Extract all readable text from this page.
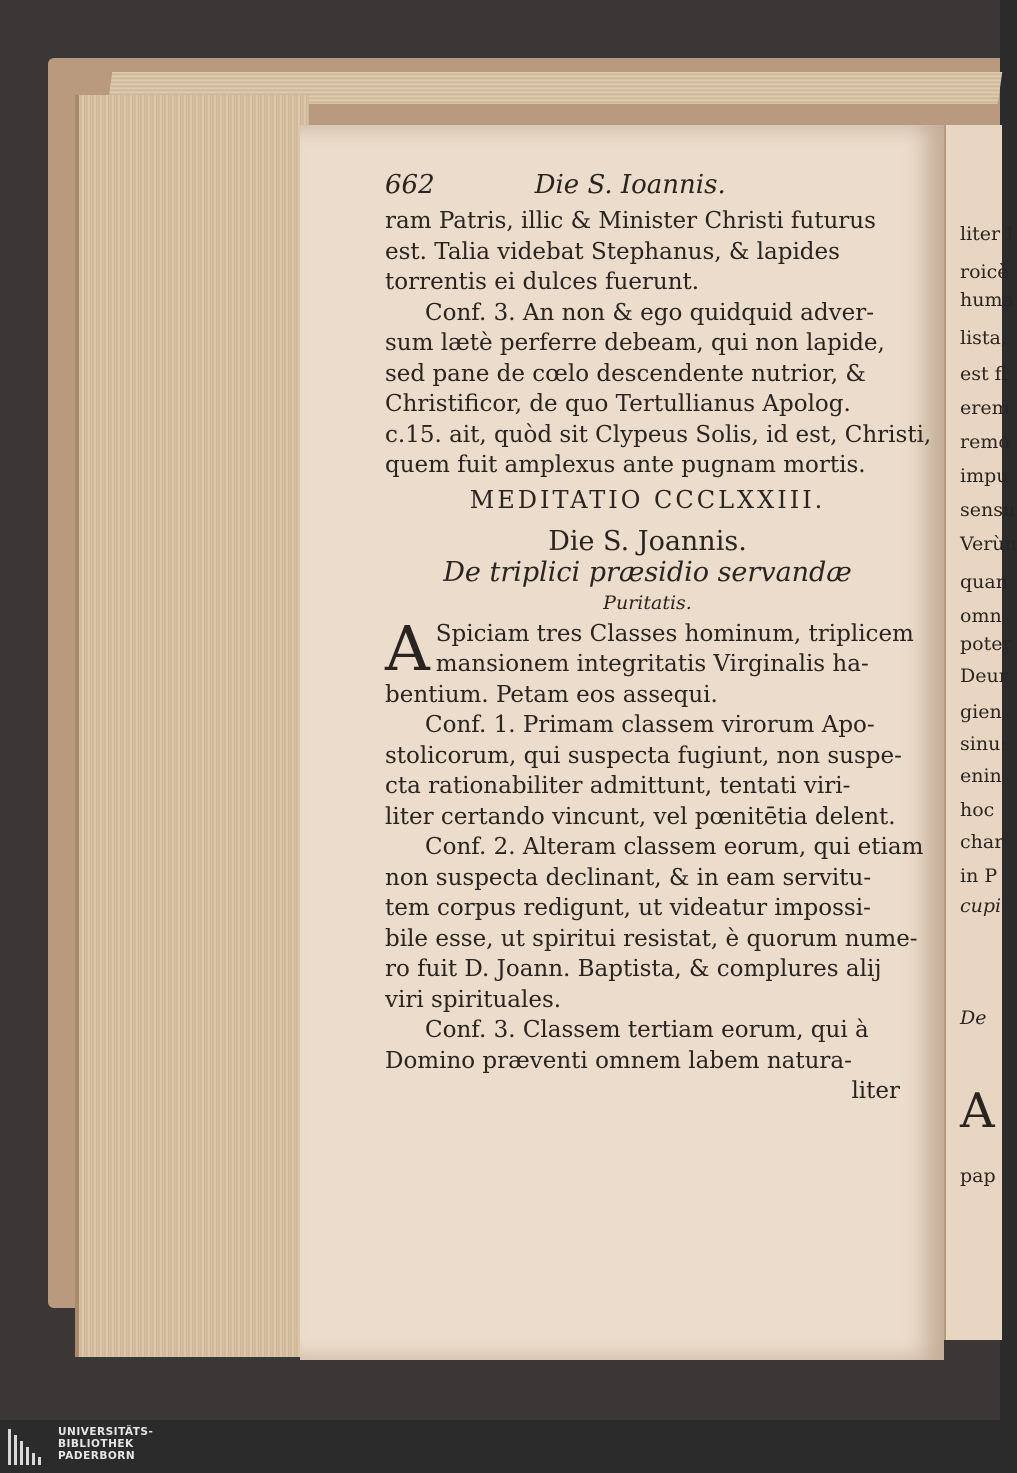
liter I
roicè
huma
lista,
est fl
erem
remo
impu
sensu
Verùn
quan
omn
poter
Deur
gien
sinu:
enin
hoc
char
in P
cupi
De
A
pap
662	Die S. Ioannis.
ram Patris, illic & Minister Christi futurus
est. Talia videbat Stephanus, & lapides
torrentis ei dulces fuerunt.
Conf. 3. An non & ego quidquid adver-
sum lætè perferre debeam, qui non lapide,
sed pane de cœlo descendente nutrior, &
Christificor, de quo Tertullianus Apolog.
c.15. ait, quòd sit Clypeus Solis, id est, Christi,
quem fuit amplexus ante pugnam mortis.
MEDITATIO CCCLXXIII.
Die S. Joannis.
De triplici præsidio servandæ
Puritatis.
A Spiciam tres Classes hominum, triplicem
mansionem integritatis Virginalis ha-
bentium. Petam eos assequi.
Conf. 1. Primam classem virorum Apo-
stolicorum, qui suspecta fugiunt, non suspe-
cta rationabiliter admittunt, tentati viri-
liter certando vincunt, vel pœnitētia delent.
Conf. 2. Alteram classem eorum, qui etiam
non suspecta declinant, & in eam servitu-
tem corpus redigunt, ut videatur impossi-
bile esse, ut spiritui resistat, è quorum nume-
ro fuit D. Joann. Baptista, & complures alij
viri spirituales.
Conf. 3. Classem tertiam eorum, qui à
Domino præventi omnem labem natura-
liter
UNIVERSITÄTS-
BIBLIOTHEK
PADERBORN
